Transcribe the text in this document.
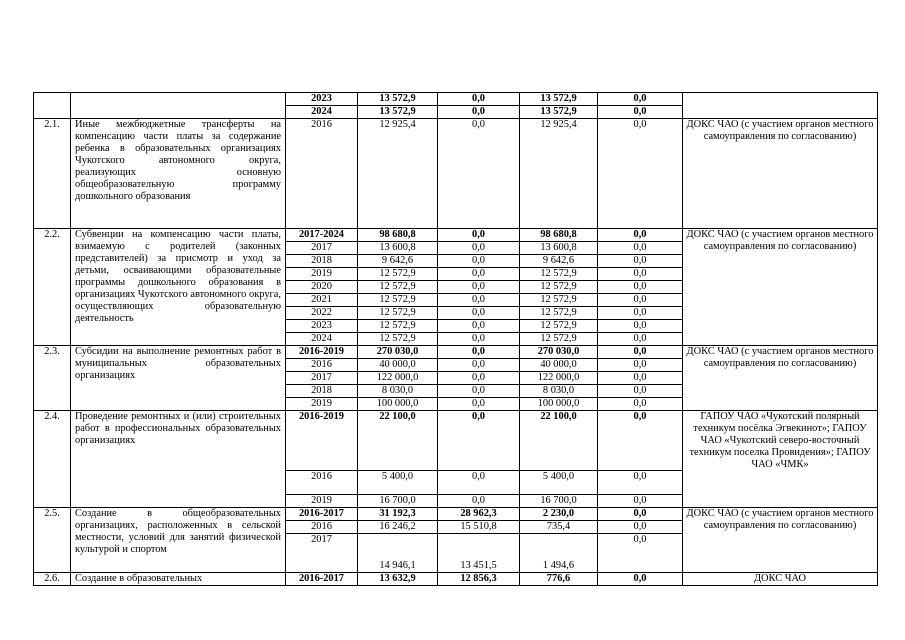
		2023	13 572,9	0,0	13 572,9	0,0	
		2024	13 572,9	0,0	13 572,9	0,0	
2.1.	Иные межбюджетные трансферты на компенсацию части платы за содержание ребенка в образовательных организациях Чукотского автономного округа, реализующих основную общеобразовательную программу дошкольного образования	2016	12 925,4	0,0	12 925,4	0,0	ДОКС ЧАО (с участием органов местного самоуправления по согласованию)
2.2.	Субвенции на компенсацию части платы, взимаемую с родителей (законных представителей) за присмотр и уход за детьми, осваивающими образовательные программы дошкольного образования в организациях Чукотского автономного округа, осуществляющих образовательную деятельность	2017-2024	98 680,8	0,0	98 680,8	0,0	ДОКС ЧАО (с участием органов местного самоуправления по согласованию)
		2017	13 600,8	0,0	13 600,8	0,0	
		2018	9 642,6	0,0	9 642,6	0,0	
		2019	12 572,9	0,0	12 572,9	0,0	
		2020	12 572,9	0,0	12 572,9	0,0	
		2021	12 572,9	0,0	12 572,9	0,0	
		2022	12 572,9	0,0	12 572,9	0,0	
		2023	12 572,9	0,0	12 572,9	0,0	
		2024	12 572,9	0,0	12 572,9	0,0	
2.3.	Субсидии на выполнение ремонтных работ в муниципальных образовательных организациях	2016-2019	270 030,0	0,0	270 030,0	0,0	ДОКС ЧАО (с участием органов местного самоуправления по согласованию)
		2016	40 000,0	0,0	40 000,0	0,0	
		2017	122 000,0	0,0	122 000,0	0,0	
		2018	8 030,0	0,0	8 030,0	0,0	
		2019	100 000,0	0,0	100 000,0	0,0	
2.4.	Проведение ремонтных и (или) строительных работ в профессиональных образовательных организациях	2016-2019	22 100,0	0,0	22 100,0	0,0	ГАПОУ ЧАО «Чукотский полярный техникум посёлка Эгвекинот»; ГАПОУ ЧАО «Чукотский северо-восточный техникум поселка Провидения»; ГАПОУ ЧАО «ЧМК»
		2016	5 400,0	0,0	5 400,0	0,0	
		2019	16 700,0	0,0	16 700,0	0,0	
2.5.	Создание в общеобразовательных организациях, расположенных в сельской местности, условий для занятий физической культурой и спортом	2016-2017	31 192,3	28 962,3	2 230,0	0,0	ДОКС ЧАО (с участием органов местного самоуправления по согласованию)
		2016	16 246,2	15 510,8	735,4	0,0	
		2017	14 946,1	13 451,5	1 494,6	0,0	
2.6.	Создание в образовательных	2016-2017	13 632,9	12 856,3	776,6	0,0	ДОКС ЧАО
